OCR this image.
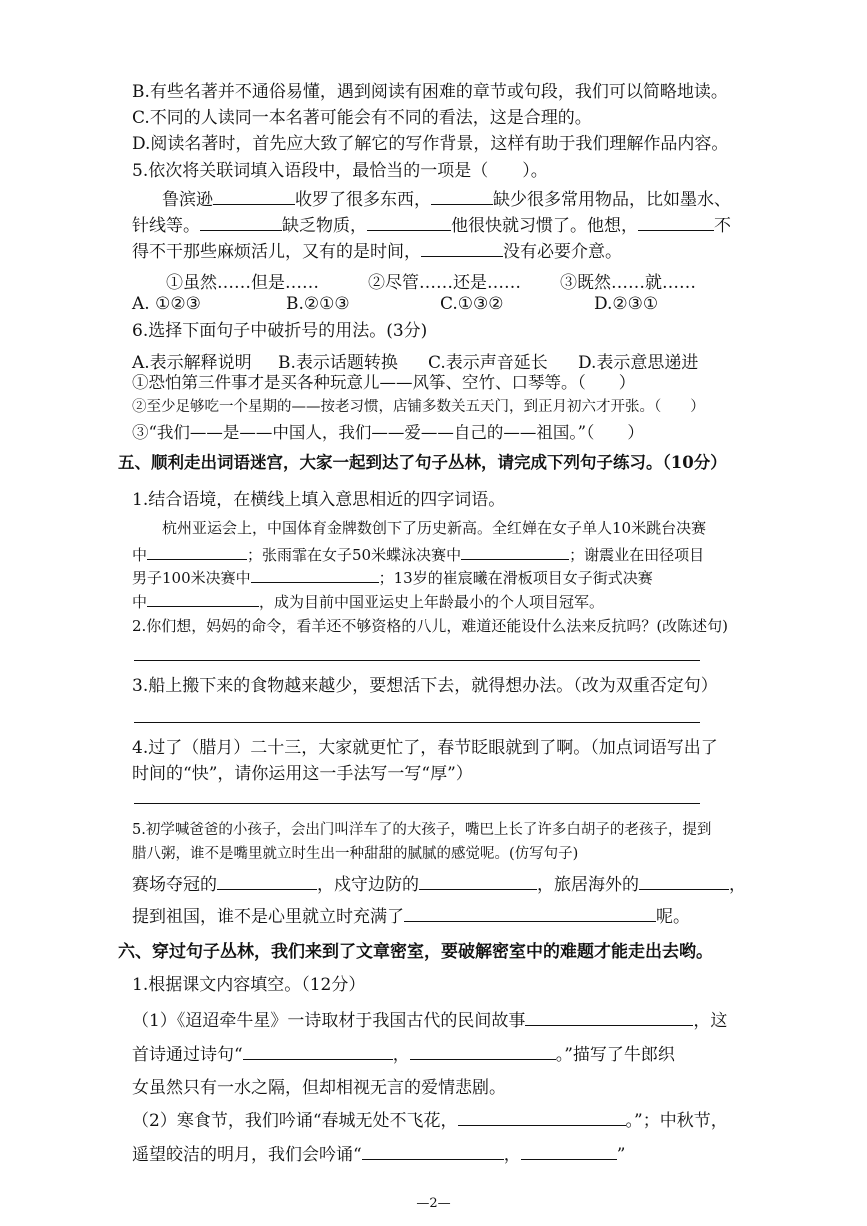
B.有些名著并不通俗易懂，遇到阅读有困难的章节或句段，我们可以简略地读。
C.不同的人读同一本名著可能会有不同的看法，这是合理的。
D.阅读名著时，首先应大致了解它的写作背景，这样有助于我们理解作品内容。
5.依次将关联词填入语段中，最恰当的一项是（　　）。
鲁滨逊	收罗了很多东西，	缺少很多常用物品，比如墨水、
针线等。	缺乏物质，	他很快就习惯了。他想，	不
得不干那些麻烦活儿，又有的是时间，	没有必要介意。
①虽然……但是……	②尽管……还是…… ③既然……就……
A. ①②③	B.②①③	C.①③②	D.②③①
6.选择下面句子中破折号的用法。(3分)
A.表示解释说明 B.表示话题转换 C.表示声音延长 D.表示意思递进
①恐怕第三件事才是买各种玩意儿——风筝、空竹、口琴等。（　　）
②至少足够吃一个星期的——按老习惯，店铺多数关五天门，到正月初六才开张。（　　）
③“我们——是——中国人，我们——爱——自己的——祖国。”（　　）
五、顺利走出词语迷宫，大家一起到达了句子丛林，请完成下列句子练习。（10分）
1.结合语境，在横线上填入意思相近的四字词语。
杭州亚运会上，中国体育金牌数创下了历史新高。全红婵在女子单人10米跳台决赛
中	；张雨霏在女子50米蝶泳决赛中	；谢震业在田径项目
男子100米决赛中	；13岁的崔宸曦在滑板项目女子街式决赛
中	，成为目前中国亚运史上年龄最小的个人项目冠军。
2.你们想，妈妈的命令，看羊还不够资格的八儿，难道还能设什么法来反抗吗？(改陈述句)
3.船上搬下来的食物越来越少，要想活下去，就得想办法。（改为双重否定句）
4.过了（腊月）二十三，大家就更忙了，春节眨眼就到了啊。（加点词语写出了
时间的“快”，请你运用这一手法写一写“厚”）
5.初学喊爸爸的小孩子，会出门叫洋车了的大孩子，嘴巴上长了许多白胡子的老孩子，提到
腊八粥，谁不是嘴里就立时生出一种甜甜的腻腻的感觉呢。(仿写句子)
赛场夺冠的	，戍守边防的	，旅居海外的	，
提到祖国，谁不是心里就立时充满了	呢。
六、穿过句子丛林，我们来到了文章密室，要破解密室中的难题才能走出去哟。
1.根据课文内容填空。（12分）
（1）《迢迢牵牛星》一诗取材于我国古代的民间故事	，这
首诗通过诗句“	，	。”描写了牛郎织
女虽然只有一水之隔，但却相视无言的爱情悲剧。
（2）寒食节，我们吟诵“春城无处不飞花，	。”；中秋节，
遥望皎洁的明月，我们会吟诵“	，	”
—2—
